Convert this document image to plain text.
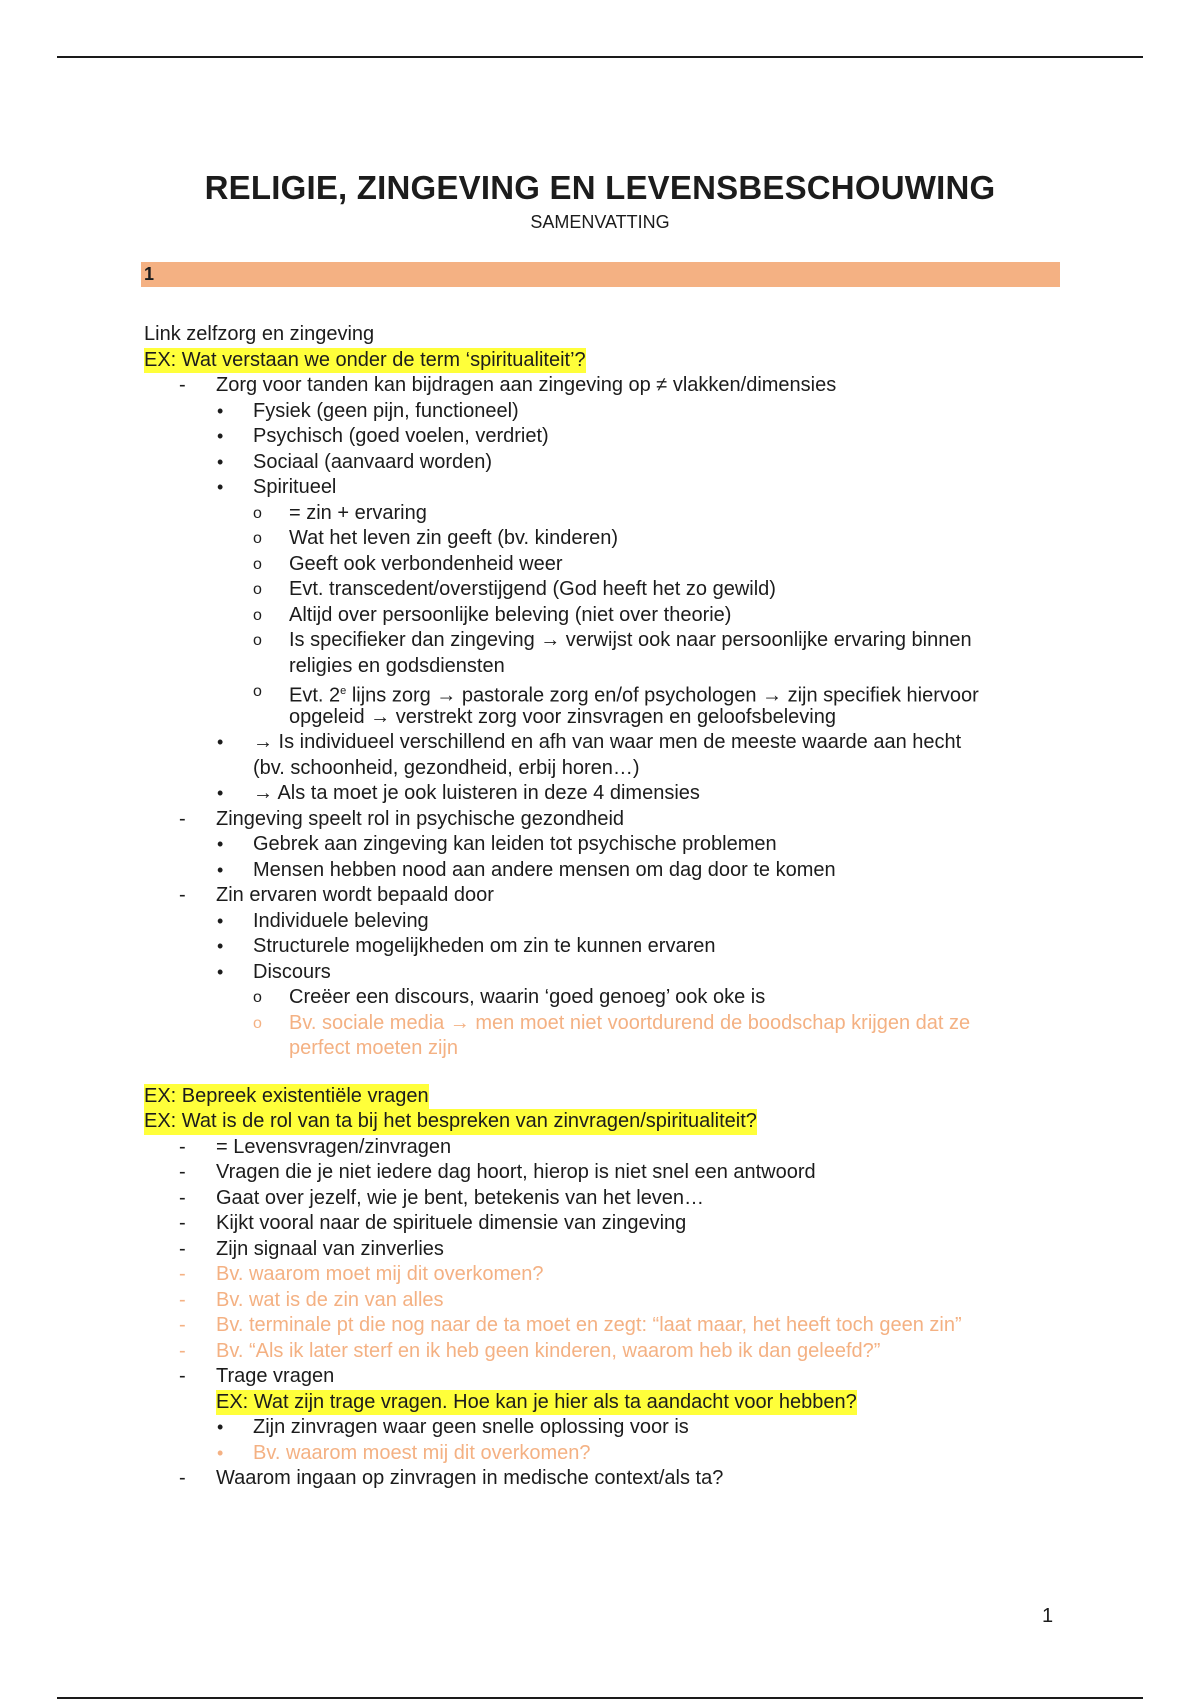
RELIGIE, ZINGEVING EN LEVENSBESCHOUWING
SAMENVATTING
1
Link zelfzorg en zingeving
EX: Wat verstaan we onder de term ‘spiritualiteit’?
- Zorg voor tanden kan bijdragen aan zingeving op ≠ vlakken/dimensies
• Fysiek (geen pijn, functioneel)
• Psychisch (goed voelen, verdriet)
• Sociaal (aanvaard worden)
• Spiritueel
o = zin + ervaring
o Wat het leven zin geeft (bv. kinderen)
o Geeft ook verbondenheid weer
o Evt. transcedent/overstijgend (God heeft het zo gewild)
o Altijd over persoonlijke beleving (niet over theorie)
o Is specifieker dan zingeving → verwijst ook naar persoonlijke ervaring binnen
religies en godsdiensten
o Evt. 2e lijns zorg → pastorale zorg en/of psychologen → zijn specifiek hiervoor
opgeleid → verstrekt zorg voor zinsvragen en geloofsbeleving
• → Is individueel verschillend en afh van waar men de meeste waarde aan hecht
(bv. schoonheid, gezondheid, erbij horen…)
• → Als ta moet je ook luisteren in deze 4 dimensies
- Zingeving speelt rol in psychische gezondheid
• Gebrek aan zingeving kan leiden tot psychische problemen
• Mensen hebben nood aan andere mensen om dag door te komen
- Zin ervaren wordt bepaald door
• Individuele beleving
• Structurele mogelijkheden om zin te kunnen ervaren
• Discours
o Creëer een discours, waarin ‘goed genoeg’ ook oke is
o Bv. sociale media → men moet niet voortdurend de boodschap krijgen dat ze
perfect moeten zijn
EX: Bepreek existentiële vragen
EX: Wat is de rol van ta bij het bespreken van zinvragen/spiritualiteit?
- = Levensvragen/zinvragen
- Vragen die je niet iedere dag hoort, hierop is niet snel een antwoord
- Gaat over jezelf, wie je bent, betekenis van het leven…
- Kijkt vooral naar de spirituele dimensie van zingeving
- Zijn signaal van zinverlies
- Bv. waarom moet mij dit overkomen?
- Bv. wat is de zin van alles
- Bv. terminale pt die nog naar de ta moet en zegt: “laat maar, het heeft toch geen zin”
- Bv. “Als ik later sterf en ik heb geen kinderen, waarom heb ik dan geleefd?”
- Trage vragen
EX: Wat zijn trage vragen. Hoe kan je hier als ta aandacht voor hebben?
• Zijn zinvragen waar geen snelle oplossing voor is
• Bv. waarom moest mij dit overkomen?
- Waarom ingaan op zinvragen in medische context/als ta?
1
